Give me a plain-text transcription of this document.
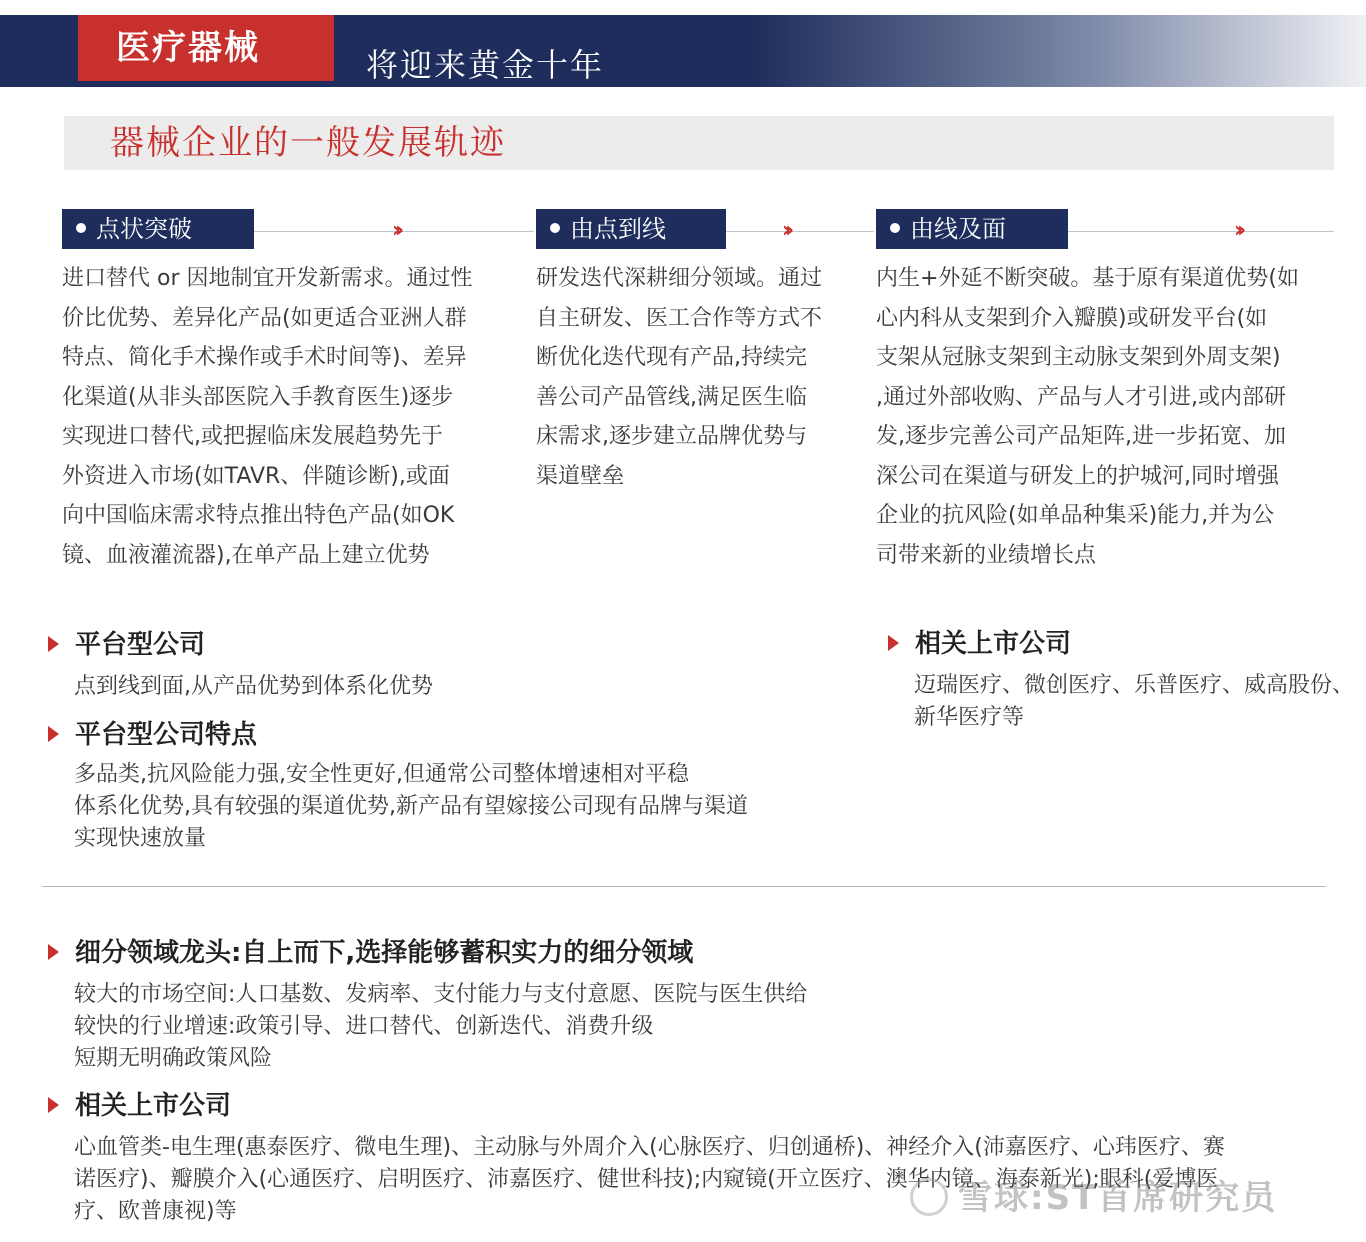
医疗器械	将迎来黄金十年
器械企业的一般发展轨迹
点状突破	››

进口替代 or 因地制宜开发新需求。通过性
价比优势、差异化产品(如更适合亚洲人群
特点、简化手术操作或手术时间等)、差异
化渠道(从非头部医院入手教育医生)逐步
实现进口替代,或把握临床发展趋势先于
外资进入市场(如TAVR、伴随诊断),或面
向中国临床需求特点推出特色产品(如OK
镜、血液灌流器),在单产品上建立优势

由点到线	››

研发迭代深耕细分领域。通过
自主研发、医工合作等方式不
断优化迭代现有产品,持续完
善公司产品管线,满足医生临
床需求,逐步建立品牌优势与
渠道壁垒

由线及面	››

内生+外延不断突破。基于原有渠道优势(如
心内科从支架到介入瓣膜)或研发平台(如
支架从冠脉支架到主动脉支架到外周支架)
,通过外部收购、产品与人才引进,或内部研
发,逐步完善公司产品矩阵,进一步拓宽、加
深公司在渠道与研发上的护城河,同时增强
企业的抗风险(如单品种集采)能力,并为公
司带来新的业绩增长点

平台型公司

点到线到面,从产品优势到体系化优势

平台型公司特点

多品类,抗风险能力强,安全性更好,但通常公司整体增速相对平稳
体系化优势,具有较强的渠道优势,新产品有望嫁接公司现有品牌与渠道
实现快速放量

相关上市公司

迈瑞医疗、微创医疗、乐普医疗、威高股份、
新华医疗等

细分领域龙头:自上而下,选择能够蓄积实力的细分领域

较大的市场空间:人口基数、发病率、支付能力与支付意愿、医院与医生供给
较快的行业增速:政策引导、进口替代、创新迭代、消费升级
短期无明确政策风险

相关上市公司

心血管类-电生理(惠泰医疗、微电生理)、主动脉与外周介入(心脉医疗、归创通桥)、神经介入(沛嘉医疗、心玮医疗、赛
诺医疗)、瓣膜介入(心通医疗、启明医疗、沛嘉医疗、健世科技);内窥镜(开立医疗、澳华内镜、海泰新光);眼科(爱博医
疗、欧普康视)等	雪球:ST首席研究员
